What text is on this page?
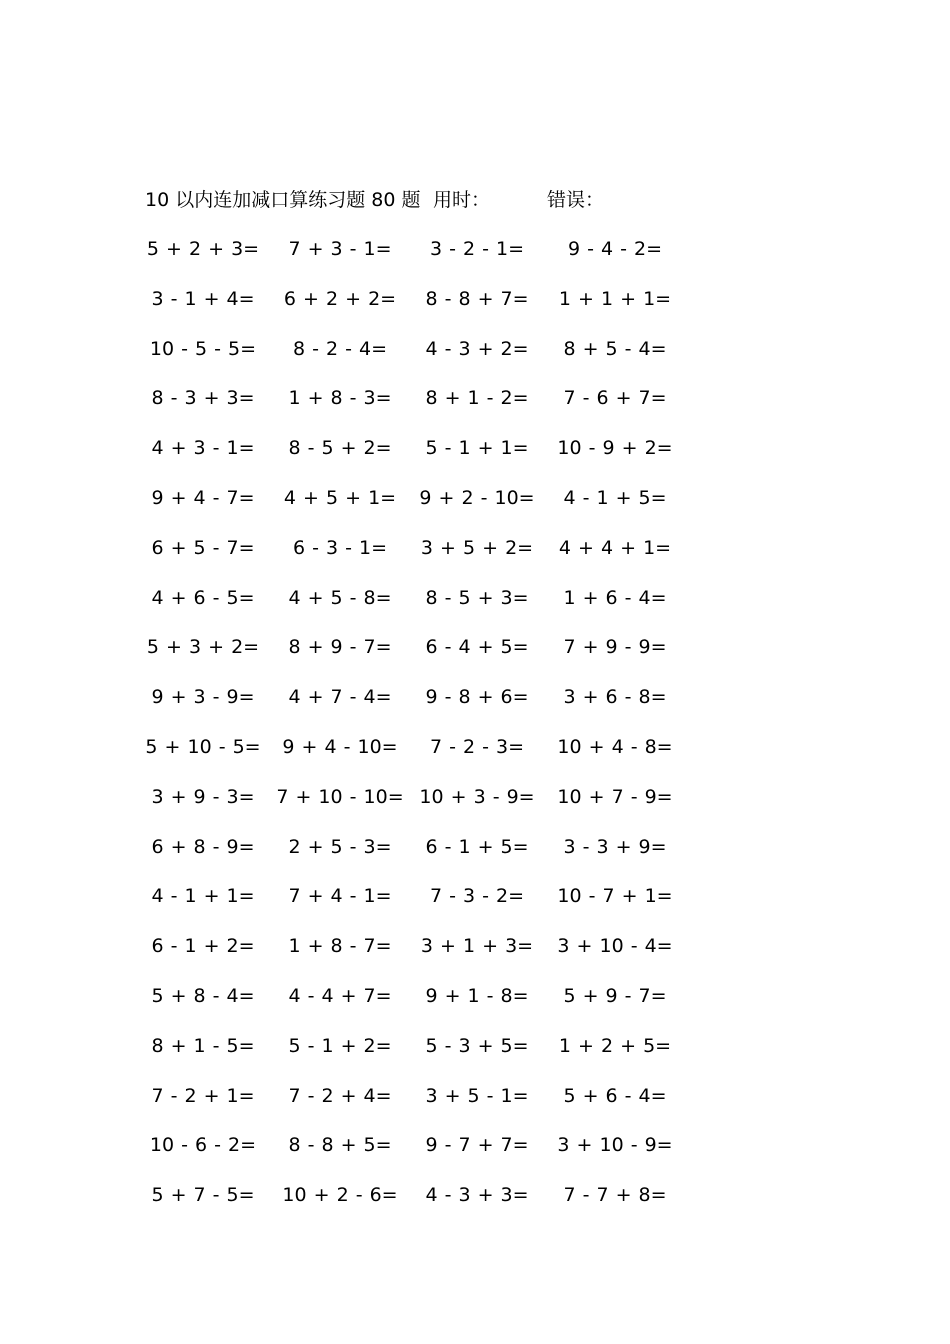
10 以内连加减口算练习题 80 题 用时：	错误：
5 + 2 + 3=	7 + 3 - 1=	3 - 2 - 1=	9 - 4 - 2=
3 - 1 + 4=	6 + 2 + 2=	8 - 8 + 7=	1 + 1 + 1=
10 - 5 - 5=	8 - 2 - 4=	4 - 3 + 2=	8 + 5 - 4=
8 - 3 + 3=	1 + 8 - 3=	8 + 1 - 2=	7 - 6 + 7=
4 + 3 - 1=	8 - 5 + 2=	5 - 1 + 1=	10 - 9 + 2=
9 + 4 - 7=	4 + 5 + 1=	9 + 2 - 10=	4 - 1 + 5=
6 + 5 - 7=	6 - 3 - 1=	3 + 5 + 2=	4 + 4 + 1=
4 + 6 - 5=	4 + 5 - 8=	8 - 5 + 3=	1 + 6 - 4=
5 + 3 + 2=	8 + 9 - 7=	6 - 4 + 5=	7 + 9 - 9=
9 + 3 - 9=	4 + 7 - 4=	9 - 8 + 6=	3 + 6 - 8=
5 + 10 - 5=	9 + 4 - 10=	7 - 2 - 3=	10 + 4 - 8=
3 + 9 - 3=	7 + 10 - 10= 10 + 3 - 9=	10 + 7 - 9=
6 + 8 - 9=	2 + 5 - 3=	6 - 1 + 5=	3 - 3 + 9=
4 - 1 + 1=	7 + 4 - 1=	7 - 3 - 2=	10 - 7 + 1=
6 - 1 + 2=	1 + 8 - 7=	3 + 1 + 3=	3 + 10 - 4=
5 + 8 - 4=	4 - 4 + 7=	9 + 1 - 8=	5 + 9 - 7=
8 + 1 - 5=	5 - 1 + 2=	5 - 3 + 5=	1 + 2 + 5=
7 - 2 + 1=	7 - 2 + 4=	3 + 5 - 1=	5 + 6 - 4=
10 - 6 - 2=	8 - 8 + 5=	9 - 7 + 7=	3 + 10 - 9=
5 + 7 - 5=	10 + 2 - 6=	4 - 3 + 3=	7 - 7 + 8=
